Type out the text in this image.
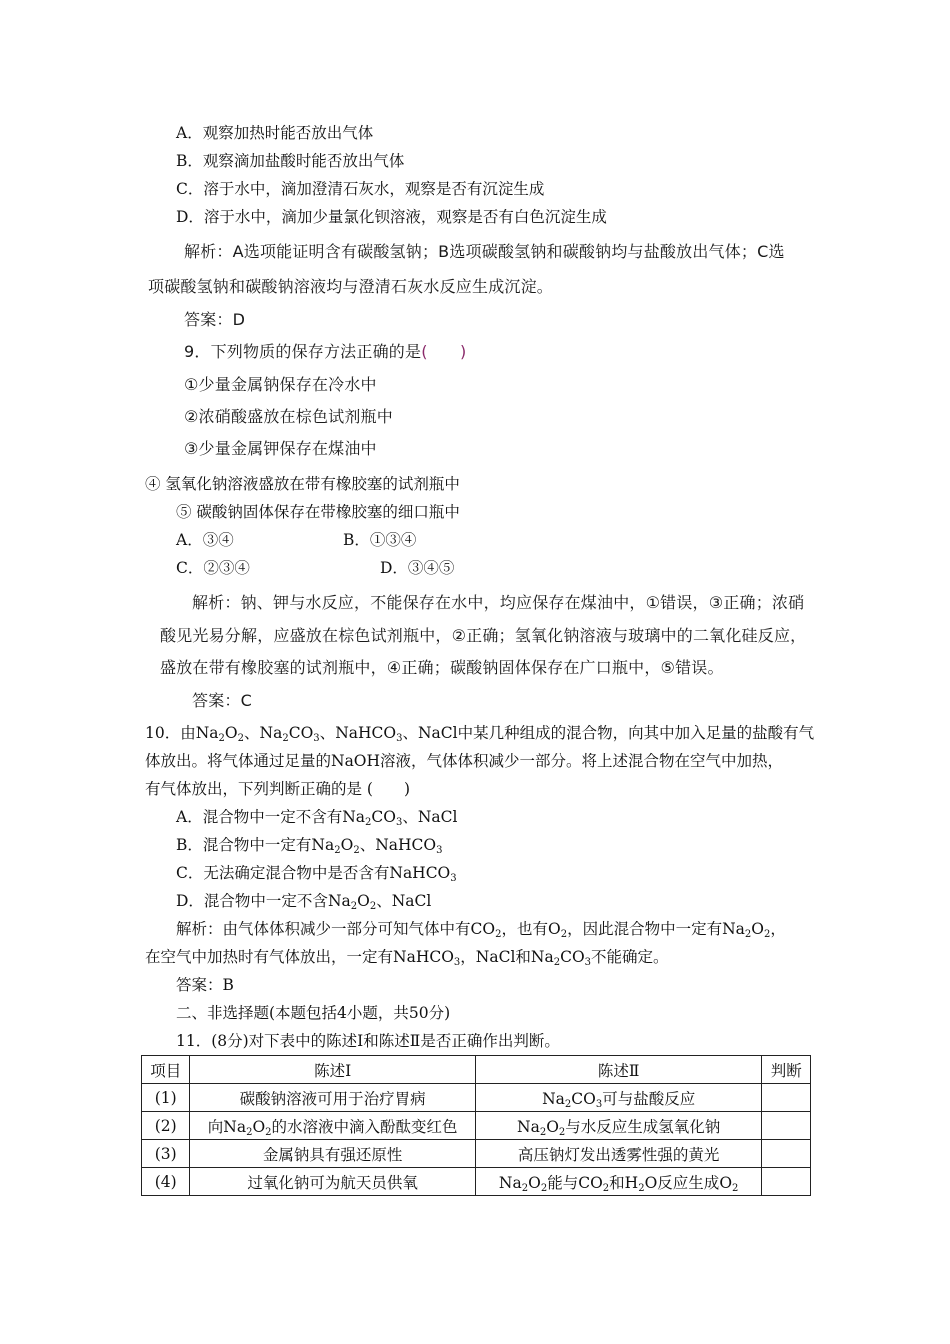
A．观察加热时能否放出气体
B．观察滴加盐酸时能否放出气体
C．溶于水中，滴加澄清石灰水，观察是否有沉淀生成
D．溶于水中，滴加少量氯化钡溶液，观察是否有白色沉淀生成
解析：A选项能证明含有碳酸氢钠；B选项碳酸氢钠和碳酸钠均与盐酸放出气体；C选
项碳酸氢钠和碳酸钠溶液均与澄清石灰水反应生成沉淀。
答案：D
9．下列物质的保存方法正确的是(　　)
①少量金属钠保存在冷水中
②浓硝酸盛放在棕色试剂瓶中
③少量金属钾保存在煤油中
④ 氢氧化钠溶液盛放在带有橡胶塞的试剂瓶中
⑤ 碳酸钠固体保存在带橡胶塞的细口瓶中
A．③④	B．①③④
C．②③④	D．③④⑤
解析：钠、钾与水反应，不能保存在水中，均应保存在煤油中，①错误，③正确；浓硝
酸见光易分解，应盛放在棕色试剂瓶中，②正确；氢氧化钠溶液与玻璃中的二氧化硅反应，
盛放在带有橡胶塞的试剂瓶中，④正确；碳酸钠固体保存在广口瓶中，⑤错误。
答案：C
10．由$Na_2O_2$、$Na_2CO_3$、NaHCO$_3$、NaCl中某几种组成的混合物，向其中加入足量的盐酸有气
体放出。将气体通过足量的NaOH溶液，气体体积减少一部分。将上述混合物在空气中加热，
有气体放出，下列判断正确的是 (　　)
A．混合物中一定不含有$Na_2CO_3$、NaCl
B．混合物中一定有$Na_2O_2$、NaHCO$_3$
C．无法确定混合物中是否含有NaHCO$_3$
D．混合物中一定不含$Na_2O_2$、NaCl
解析：由气体体积减少一部分可知气体中有$CO_2$，也有$O_2$，因此混合物中一定有$Na_2O_2$，
在空气中加热时有气体放出，一定有NaHCO$_3$，NaCl和$Na_2CO_3$不能确定。
答案：B
二、非选择题(本题包括4小题，共50分)
11．(8分)对下表中的陈述Ⅰ和陈述Ⅱ是否正确作出判断。
项目	陈述Ⅰ	陈述Ⅱ	判断
(1)	碳酸钠溶液可用于治疗胃病	$Na_2CO_3$可与盐酸反应	
(2)	向$Na_2O_2$的水溶液中滴入酚酞变红色	$Na_2O_2$与水反应生成氢氧化钠	
(3)	金属钠具有强还原性	高压钠灯发出透雾性强的黄光	
(4)	过氧化钠可为航天员供氧	$Na_2O_2$能与$CO_2$和$H_2O$反应生成$O_2$	
